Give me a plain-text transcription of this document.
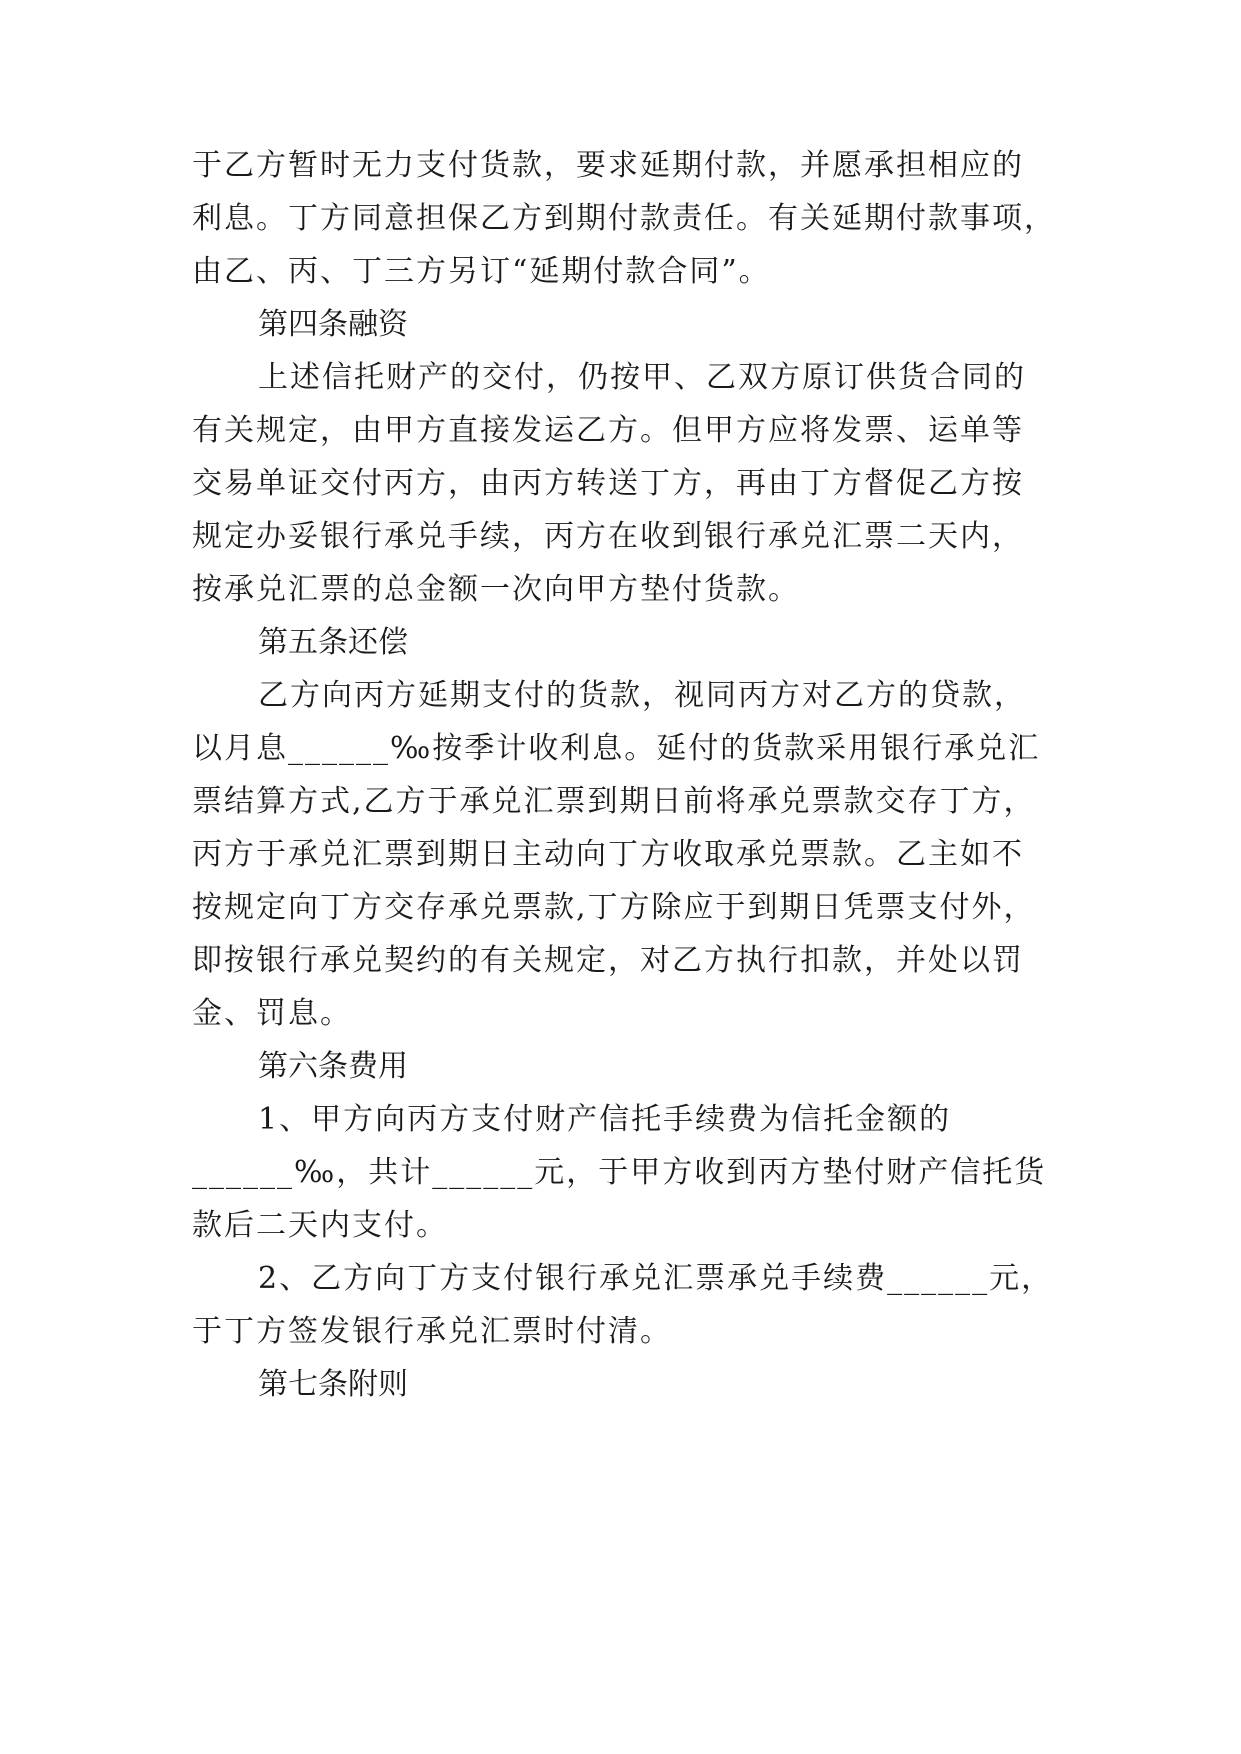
于乙方暂时无力支付货款，要求延期付款，并愿承担相应的
利息。丁方同意担保乙方到期付款责任。有关延期付款事项，
由乙、丙、丁三方另订“延期付款合同”。
第四条融资
上述信托财产的交付，仍按甲、乙双方原订供货合同的
有关规定，由甲方直接发运乙方。但甲方应将发票、运单等
交易单证交付丙方，由丙方转送丁方，再由丁方督促乙方按
规定办妥银行承兑手续，丙方在收到银行承兑汇票二天内，
按承兑汇票的总金额一次向甲方垫付货款。
第五条还偿
乙方向丙方延期支付的货款，视同丙方对乙方的贷款，
以月息______‰按季计收利息。延付的货款采用银行承兑汇
票结算方式,乙方于承兑汇票到期日前将承兑票款交存丁方，
丙方于承兑汇票到期日主动向丁方收取承兑票款。乙主如不
按规定向丁方交存承兑票款,丁方除应于到期日凭票支付外，
即按银行承兑契约的有关规定，对乙方执行扣款，并处以罚
金、罚息。
第六条费用
1、甲方向丙方支付财产信托手续费为信托金额的
______‰，共计______元，于甲方收到丙方垫付财产信托货
款后二天内支付。
2、乙方向丁方支付银行承兑汇票承兑手续费______元，
于丁方签发银行承兑汇票时付清。
第七条附则
